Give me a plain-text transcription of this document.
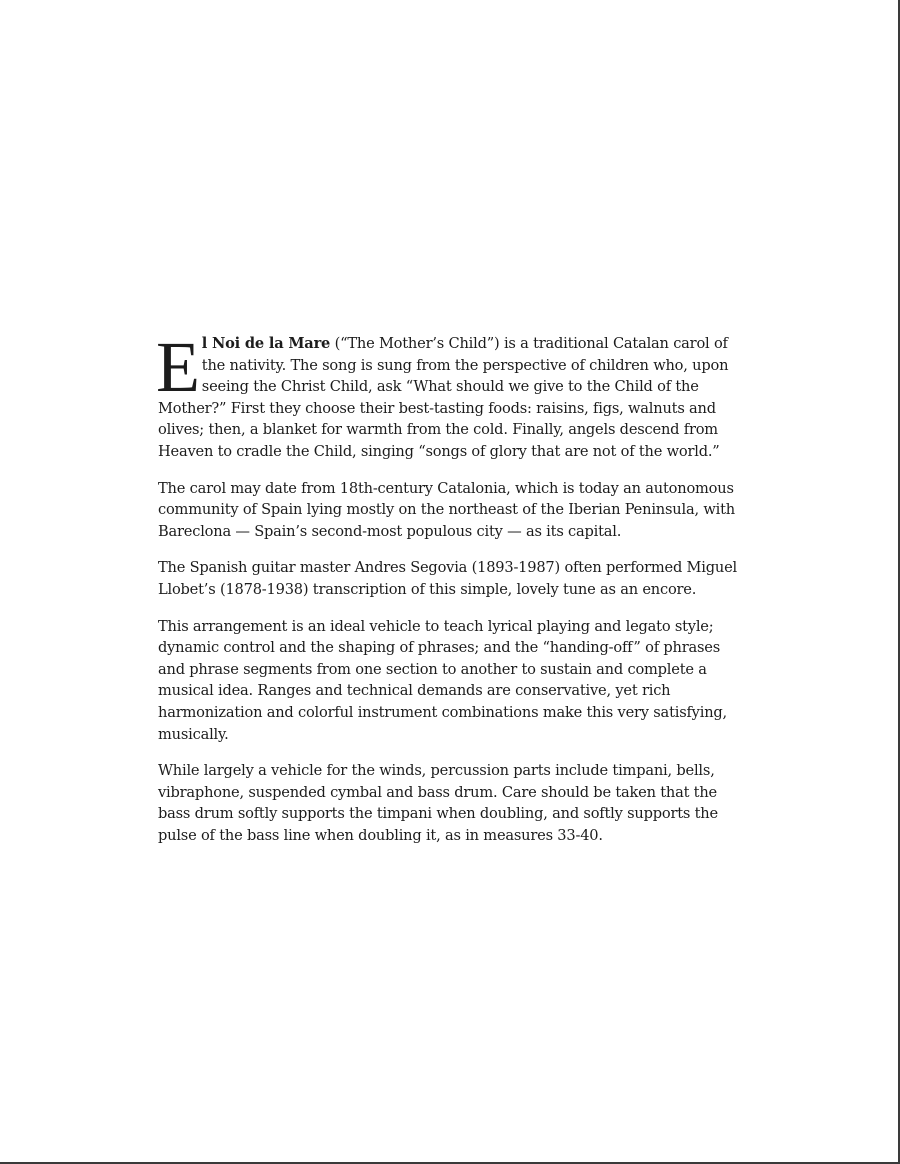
El Noi de la Mare (“The Mother’s Child”) is a traditional Catalan carol of the nativity. The song is sung from the perspective of children who, upon seeing the Christ Child, ask “What should we give to the Child of the Mother?” First they choose their best-tasting foods: raisins, figs, walnuts and olives; then, a blanket for warmth from the cold. Finally, angels descend from Heaven to cradle the Child, singing “songs of glory that are not of the world.”

The carol may date from 18th-century Catalonia, which is today an autonomous community of Spain lying mostly on the northeast of the Iberian Peninsula, with Bareclona — Spain’s second-most populous city — as its capital.

The Spanish guitar master Andres Segovia (1893-1987) often performed Miguel Llobet’s (1878-1938) transcription of this simple, lovely tune as an encore.

This arrangement is an ideal vehicle to teach lyrical playing and legato style; dynamic control and the shaping of phrases; and the “handing-off” of phrases and phrase segments from one section to another to sustain and complete a musical idea. Ranges and technical demands are conservative, yet rich harmonization and colorful instrument combinations make this very satisfying, musically.

While largely a vehicle for the winds, percussion parts include timpani, bells, vibraphone, suspended cymbal and bass drum. Care should be taken that the bass drum softly supports the timpani when doubling, and softly supports the pulse of the bass line when doubling it, as in measures 33-40.
